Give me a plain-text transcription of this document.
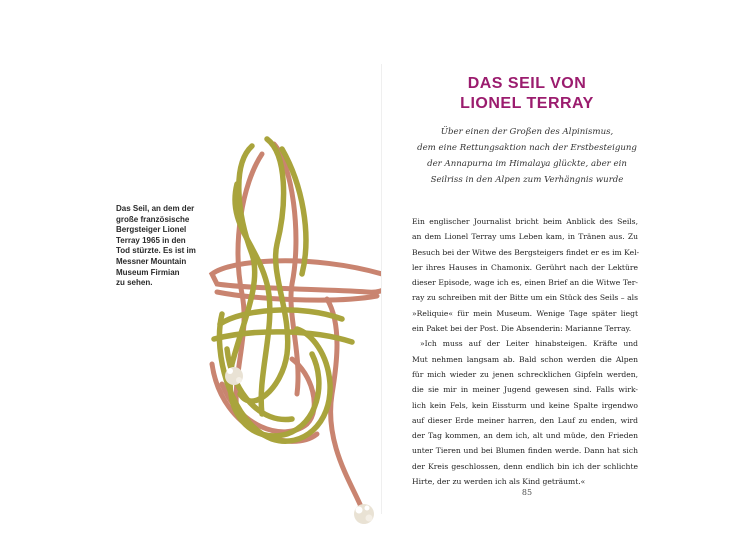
Das Seil, an dem der
große französische
Bergsteiger Lionel
Terray 1965 in den
Tod stürzte. Es ist im
Messner Mountain
Museum Firmian
zu sehen.
DAS SEIL VON
LIONEL TERRAY
Über einen der Großen des Alpinismus,
dem eine Rettungsaktion nach der Erstbesteigung
der Annapurna im Himalaya glückte, aber ein
Seilriss in den Alpen zum Verhängnis wurde
Ein englischer Journalist bricht beim Anblick des Seils,
an dem Lionel Terray ums Leben kam, in Tränen aus. Zu
Besuch bei der Witwe des Bergsteigers findet er es im Kel-
ler ihres Hauses in Chamonix. Gerührt nach der Lektüre
dieser Episode, wage ich es, einen Brief an die Witwe Ter-
ray zu schreiben mit der Bitte um ein Stück des Seils – als
»Reliquie« für mein Museum. Wenige Tage später liegt
ein Paket bei der Post. Die Absenderin: Marianne Terray.
»Ich muss auf der Leiter hinabsteigen. Kräfte und
Mut nehmen langsam ab. Bald schon werden die Alpen
für mich wieder zu jenen schrecklichen Gipfeln werden,
die sie mir in meiner Jugend gewesen sind. Falls wirk-
lich kein Fels, kein Eissturm und keine Spalte irgendwo
auf dieser Erde meiner harren, den Lauf zu enden, wird
der Tag kommen, an dem ich, alt und müde, den Frieden
unter Tieren und bei Blumen finden werde. Dann hat sich
der Kreis geschlossen, denn endlich bin ich der schlichte
Hirte, der zu werden ich als Kind geträumt.«
85
